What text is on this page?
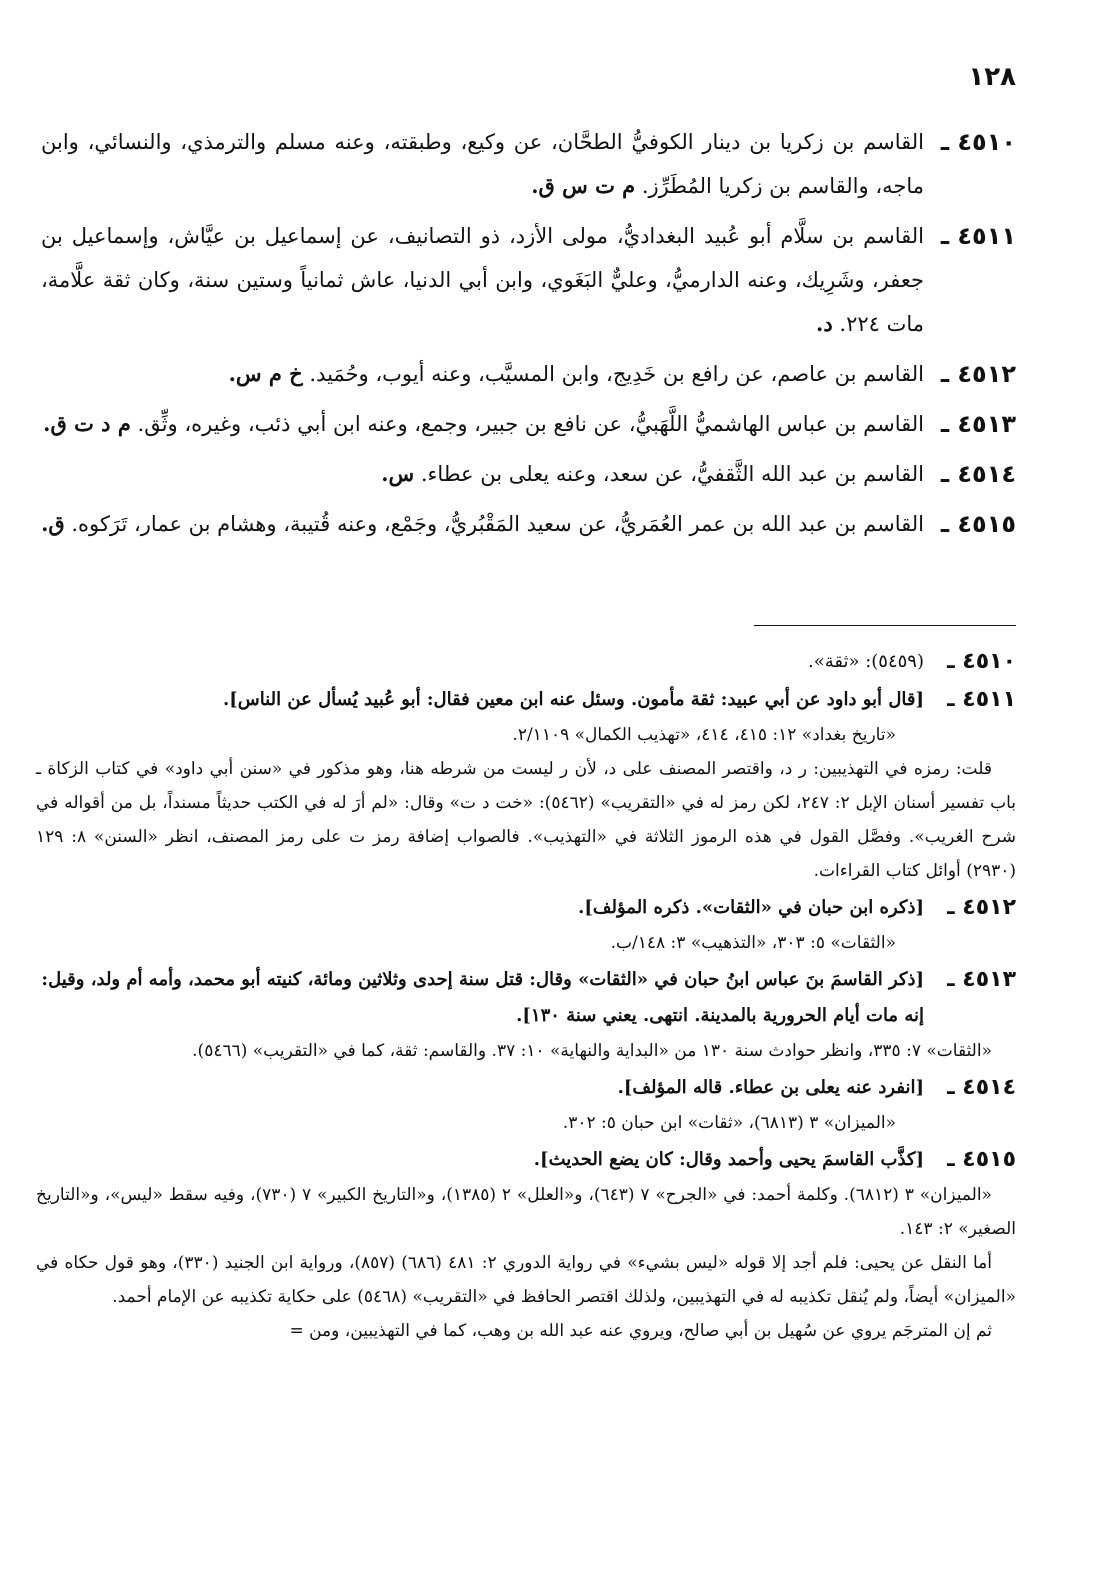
١٢٨
٤٥١٠ ـ
القاسم بن زكريا بن دينار الكوفيُّ الطحَّان، عن وكيع، وطبقته، وعنه مسلم والترمذي، والنسائي، وابن ماجه، والقاسم بن زكريا المُطَرِّز. م ت س ق.
٤٥١١ ـ
القاسم بن سلَّام أبو عُبيد البغداديُّ، مولى الأزد، ذو التصانيف، عن إسماعيل بن عيَّاش، وإسماعيل بن جعفر، وشَرِيك، وعنه الدارميُّ، وعليٌّ البَغَوي، وابن أبي الدنيا، عاش ثمانياً وستين سنة، وكان ثقة علَّامة، مات ٢٢٤. د.
٤٥١٢ ـ
القاسم بن عاصم، عن رافع بن خَدِيج، وابن المسيَّب، وعنه أيوب، وحُمَيد. خ م س.
٤٥١٣ ـ
القاسم بن عباس الهاشميُّ اللَّهَبيُّ، عن نافع بن جبير، وجمع، وعنه ابن أبي ذئب، وغيره، وثِّق. م د ت ق.
٤٥١٤ ـ
القاسم بن عبد الله الثَّقفيُّ، عن سعد، وعنه يعلى بن عطاء. س.
٤٥١٥ ـ
القاسم بن عبد الله بن عمر العُمَريُّ، عن سعيد المَقْبُريُّ، وجَمْع، وعنه قُتيبة، وهشام بن عمار، تَرَكوه. ق.
٤٥١٠ ـ
(٥٤٥٩): «ثقة».
٤٥١١ ـ
[قال أبو داود عن أبي عبيد: ثقة مأمون. وسئل عنه ابن معين فقال: أبو عُبيد يُسأل عن الناس].
«تاريخ بغداد» ١٢: ٤١٥، ٤١٤، «تهذيب الكمال» ٢/١١٠٩.
قلت: رمزه في التهذيبين: ر د، واقتصر المصنف على د، لأن ر ليست من شرطه هنا، وهو مذكور في «سنن أبي داود» في كتاب الزكاة ـ باب تفسير أسنان الإبل ٢: ٢٤٧، لكن رمز له في «التقريب» (٥٤٦٢): «خت د ت» وقال: «لم أرَ له في الكتب حديثاً مسنداً، بل من أقواله في شرح الغريب». وفصَّل القول في هذه الرموز الثلاثة في «التهذيب». فالصواب إضافة رمز ت على رمز المصنف، انظر «السنن» ٨: ١٢٩ (٢٩٣٠) أوائل كتاب القراءات.
٤٥١٢ ـ
[ذكره ابن حبان في «الثقات». ذكره المؤلف].
«الثقات» ٥: ٣٠٣، «التذهيب» ٣: ١٤٨/ب.
٤٥١٣ ـ
[ذكر القاسمَ بنَ عباس ابنُ حبان في «الثقات» وقال: قتل سنة إحدى وثلاثين ومائة، كنيته أبو محمد، وأمه أم ولد، وقيل: إنه مات أيام الحرورية بالمدينة. انتهى. يعني سنة ١٣٠].
«الثقات» ٧: ٣٣٥، وانظر حوادث سنة ١٣٠ من «البداية والنهاية» ١٠: ٣٧. والقاسم: ثقة، كما في «التقريب» (٥٤٦٦).
٤٥١٤ ـ
[انفرد عنه يعلى بن عطاء. قاله المؤلف].
«الميزان» ٣ (٦٨١٣)، «ثقات» ابن حبان ٥: ٣٠٢.
٤٥١٥ ـ
[كذَّب القاسمَ يحيى وأحمد وقال: كان يضع الحديث].
«الميزان» ٣ (٦٨١٢). وكلمة أحمد: في «الجرح» ٧ (٦٤٣)، و«العلل» ٢ (١٣٨٥)، و«التاريخ الكبير» ٧ (٧٣٠)، وفيه سقط «ليس»، و«التاريخ الصغير» ٢: ١٤٣.
أما النقل عن يحيى: فلم أجد إلا قوله «ليس بشيء» في رواية الدوري ٢: ٤٨١ (٦٨٦) (٨٥٧)، ورواية ابن الجنيد (٣٣٠)، وهو قول حكاه في «الميزان» أيضاً، ولم يُنقل تكذيبه له في التهذيبين، ولذلك اقتصر الحافظ في «التقريب» (٥٤٦٨) على حكاية تكذيبه عن الإمام أحمد.
ثم إن المترجَم يروي عن سُهيل بن أبي صالح، ويروي عنه عبد الله بن وهب، كما في التهذيبين، ومن =
